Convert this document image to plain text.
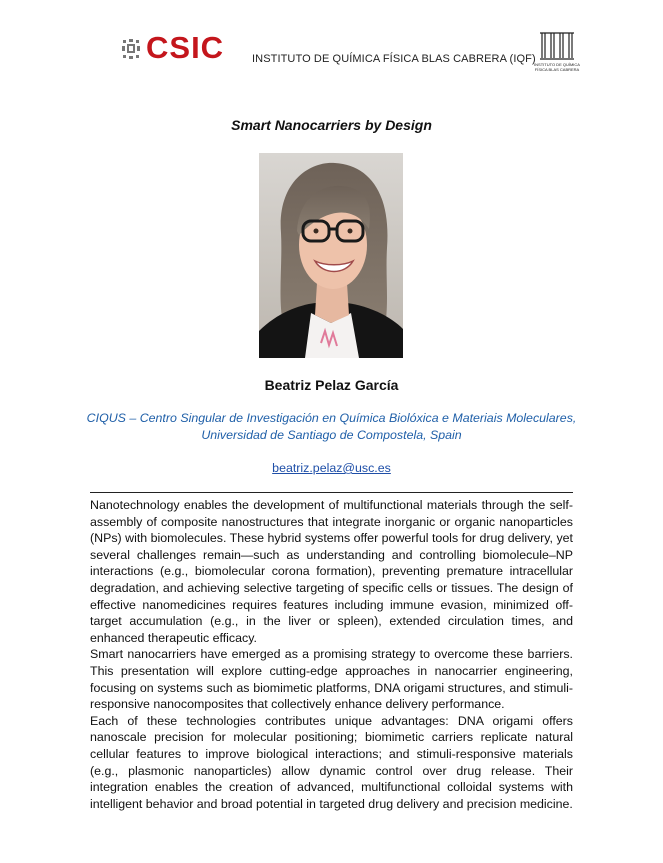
CSIC	INSTITUTO DE QUÍMICA FÍSICA BLAS CABRERA (IQF)
INSTITUTO DE QUÍMICA FÍSICA BLAS CABRERA
Smart Nanocarriers by Design
Beatriz Pelaz García
CIQUS – Centro Singular de Investigación en Química Biolóxica e Materiais Moleculares,
Universidad de Santiago de Compostela, Spain
beatriz.pelaz@usc.es

Nanotechnology enables the development of multifunctional materials through the self-assembly of composite nanostructures that integrate inorganic or organic nanoparticles (NPs) with biomolecules. These hybrid systems offer powerful tools for drug delivery, yet several challenges remain—such as understanding and controlling biomolecule–NP interactions (e.g., biomolecular corona formation), preventing premature intracellular degradation, and achieving selective targeting of specific cells or tissues. The design of effective nanomedicines requires features including immune evasion, minimized off-target accumulation (e.g., in the liver or spleen), extended circulation times, and enhanced therapeutic efficacy.

Smart nanocarriers have emerged as a promising strategy to overcome these barriers. This presentation will explore cutting-edge approaches in nanocarrier engineering, focusing on systems such as biomimetic platforms, DNA origami structures, and stimuli-responsive nanocomposites that collectively enhance delivery performance.

Each of these technologies contributes unique advantages: DNA origami offers nanoscale precision for molecular positioning; biomimetic carriers replicate natural cellular features to improve biological interactions; and stimuli-responsive materials (e.g., plasmonic nanoparticles) allow dynamic control over drug release. Their integration enables the creation of advanced, multifunctional colloidal systems with intelligent behavior and broad potential in targeted drug delivery and precision medicine.
